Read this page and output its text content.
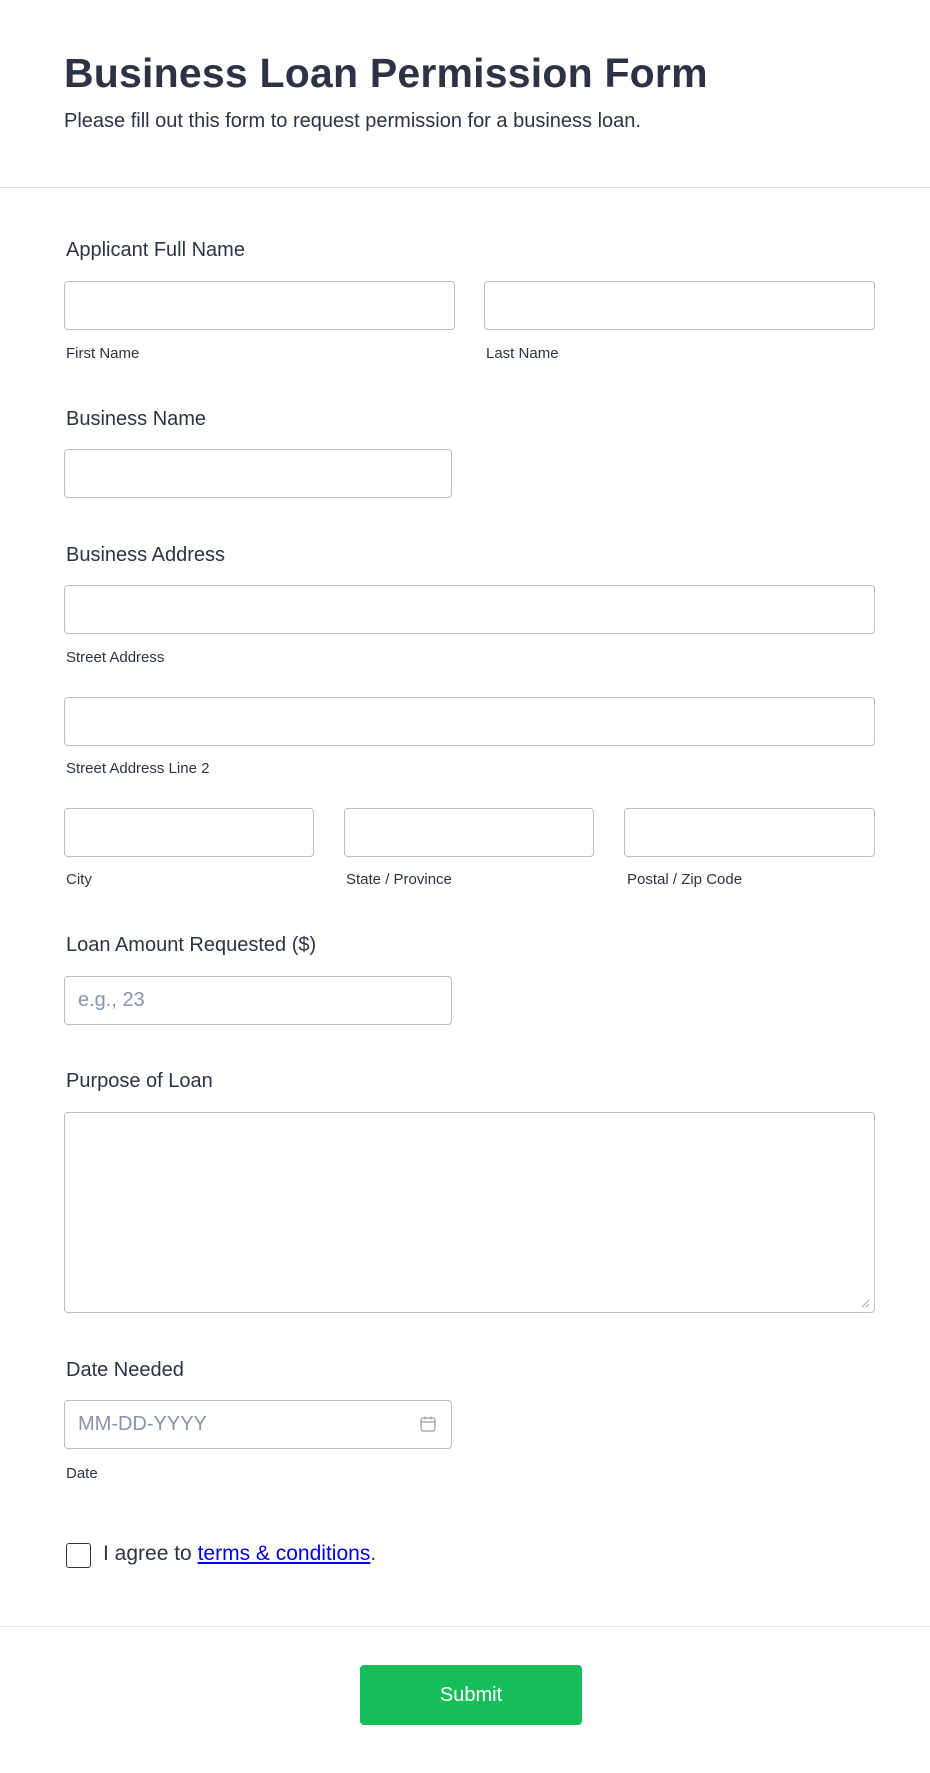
Business Loan Permission Form

Please fill out this form to request permission for a business loan.

Applicant Full Name
First Name	Last Name
Business Name
Business Address
Street Address
Street Address Line 2
City	State / Province	Postal / Zip Code
Loan Amount Requested ($)
e.g., 23
Purpose of Loan
Date Needed
MM-DD-YYYY
Date
I agree to terms & conditions.
Submit
